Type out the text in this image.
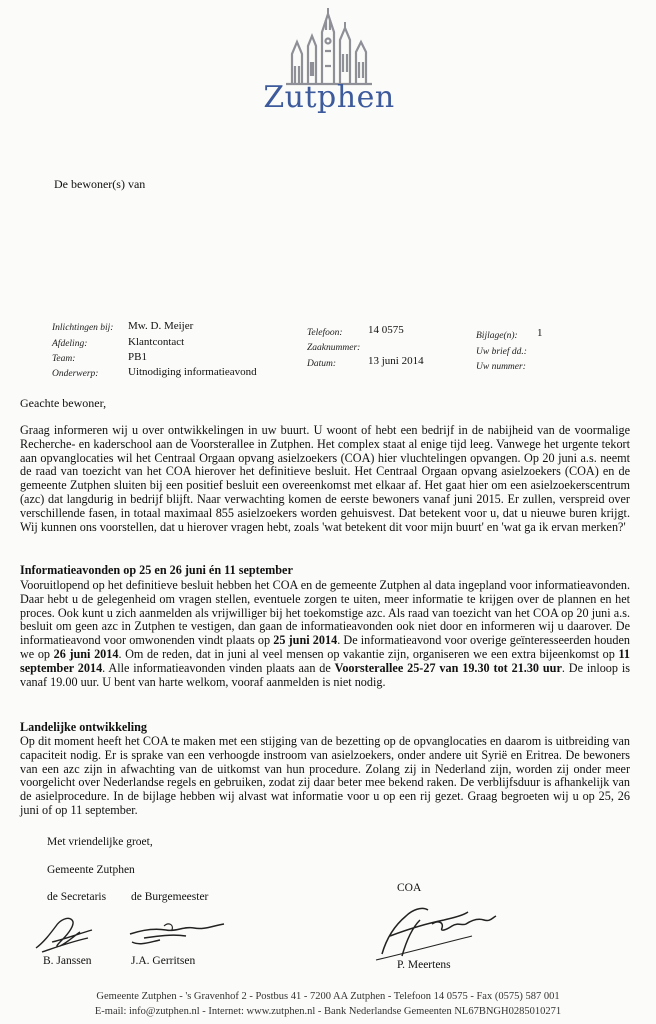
Zutphen
De bewoner(s) van
Inlichtingen bij: Mw. D. Meijer
Afdeling:	Klantcontact
Team:	PB1
Onderwerp:	Uitnodiging informatieavond
Telefoon: 14 0575
Zaaknummer:
Datum:	13 juni 2014
Bijlage(n): 1
Uw brief dd.:
Uw nummer:
Geachte bewoner,
Graag informeren wij u over ontwikkelingen in uw buurt. U woont of hebt een bedrijf in de nabijheid van de voormalige Recherche- en kaderschool aan de Voorsterallee in Zutphen. Het complex staat al enige tijd leeg. Vanwege het urgente tekort aan opvanglocaties wil het Centraal Orgaan opvang asielzoekers (COA) hier vluchtelingen opvangen. Op 20 juni a.s. neemt de raad van toezicht van het COA hierover het definitieve besluit. Het Centraal Orgaan opvang asielzoekers (COA) en de gemeente Zutphen sluiten bij een positief besluit een overeenkomst met elkaar af. Het gaat hier om een asielzoekerscentrum (azc) dat langdurig in bedrijf blijft. Naar verwachting komen de eerste bewoners vanaf juni 2015. Er zullen, verspreid over verschillende fasen, in totaal maximaal 855 asielzoekers worden gehuisvest. Dat betekent voor u, dat u nieuwe buren krijgt. Wij kunnen ons voorstellen, dat u hierover vragen hebt, zoals 'wat betekent dit voor mijn buurt' en 'wat ga ik ervan merken?'
Informatieavonden op 25 en 26 juni én 11 september
Vooruitlopend op het definitieve besluit hebben het COA en de gemeente Zutphen al data ingepland voor informatieavonden. Daar hebt u de gelegenheid om vragen stellen, eventuele zorgen te uiten, meer informatie te krijgen over de plannen en het proces. Ook kunt u zich aanmelden als vrijwilliger bij het toekomstige azc. Als raad van toezicht van het COA op 20 juni a.s. besluit om geen azc in Zutphen te vestigen, dan gaan de informatieavonden ook niet door en informeren wij u daarover. De informatieavond voor omwonenden vindt plaats op 25 juni 2014. De informatieavond voor overige geïnteresseerden houden we op 26 juni 2014. Om de reden, dat in juni al veel mensen op vakantie zijn, organiseren we een extra bijeenkomst op 11 september 2014. Alle informatieavonden vinden plaats aan de Voorsterallee 25-27 van 19.30 tot 21.30 uur. De inloop is vanaf 19.00 uur. U bent van harte welkom, vooraf aanmelden is niet nodig.
Landelijke ontwikkeling
Op dit moment heeft het COA te maken met een stijging van de bezetting op de opvanglocaties en daarom is uitbreiding van capaciteit nodig. Er is sprake van een verhoogde instroom van asielzoekers, onder andere uit Syrië en Eritrea. De bewoners van een azc zijn in afwachting van de uitkomst van hun procedure. Zolang zij in Nederland zijn, worden zij onder meer voorgelicht over Nederlandse regels en gebruiken, zodat zij daar beter mee bekend raken. De verblijfsduur is afhankelijk van de asielprocedure. In de bijlage hebben wij alvast wat informatie voor u op een rij gezet. Graag begroeten wij u op 25, 26 juni of op 11 september.
Met vriendelijke groet,
Gemeente Zutphen
de Secretaris de Burgemeester
COA
B. Janssen	J.A. Gerritsen	P. Meertens
Gemeente Zutphen - 's Gravenhof 2 - Postbus 41 - 7200 AA Zutphen - Telefoon 14 0575 - Fax (0575) 587 001
E-mail: info@zutphen.nl - Internet: www.zutphen.nl - Bank Nederlandse Gemeenten NL67BNGH0285010271
